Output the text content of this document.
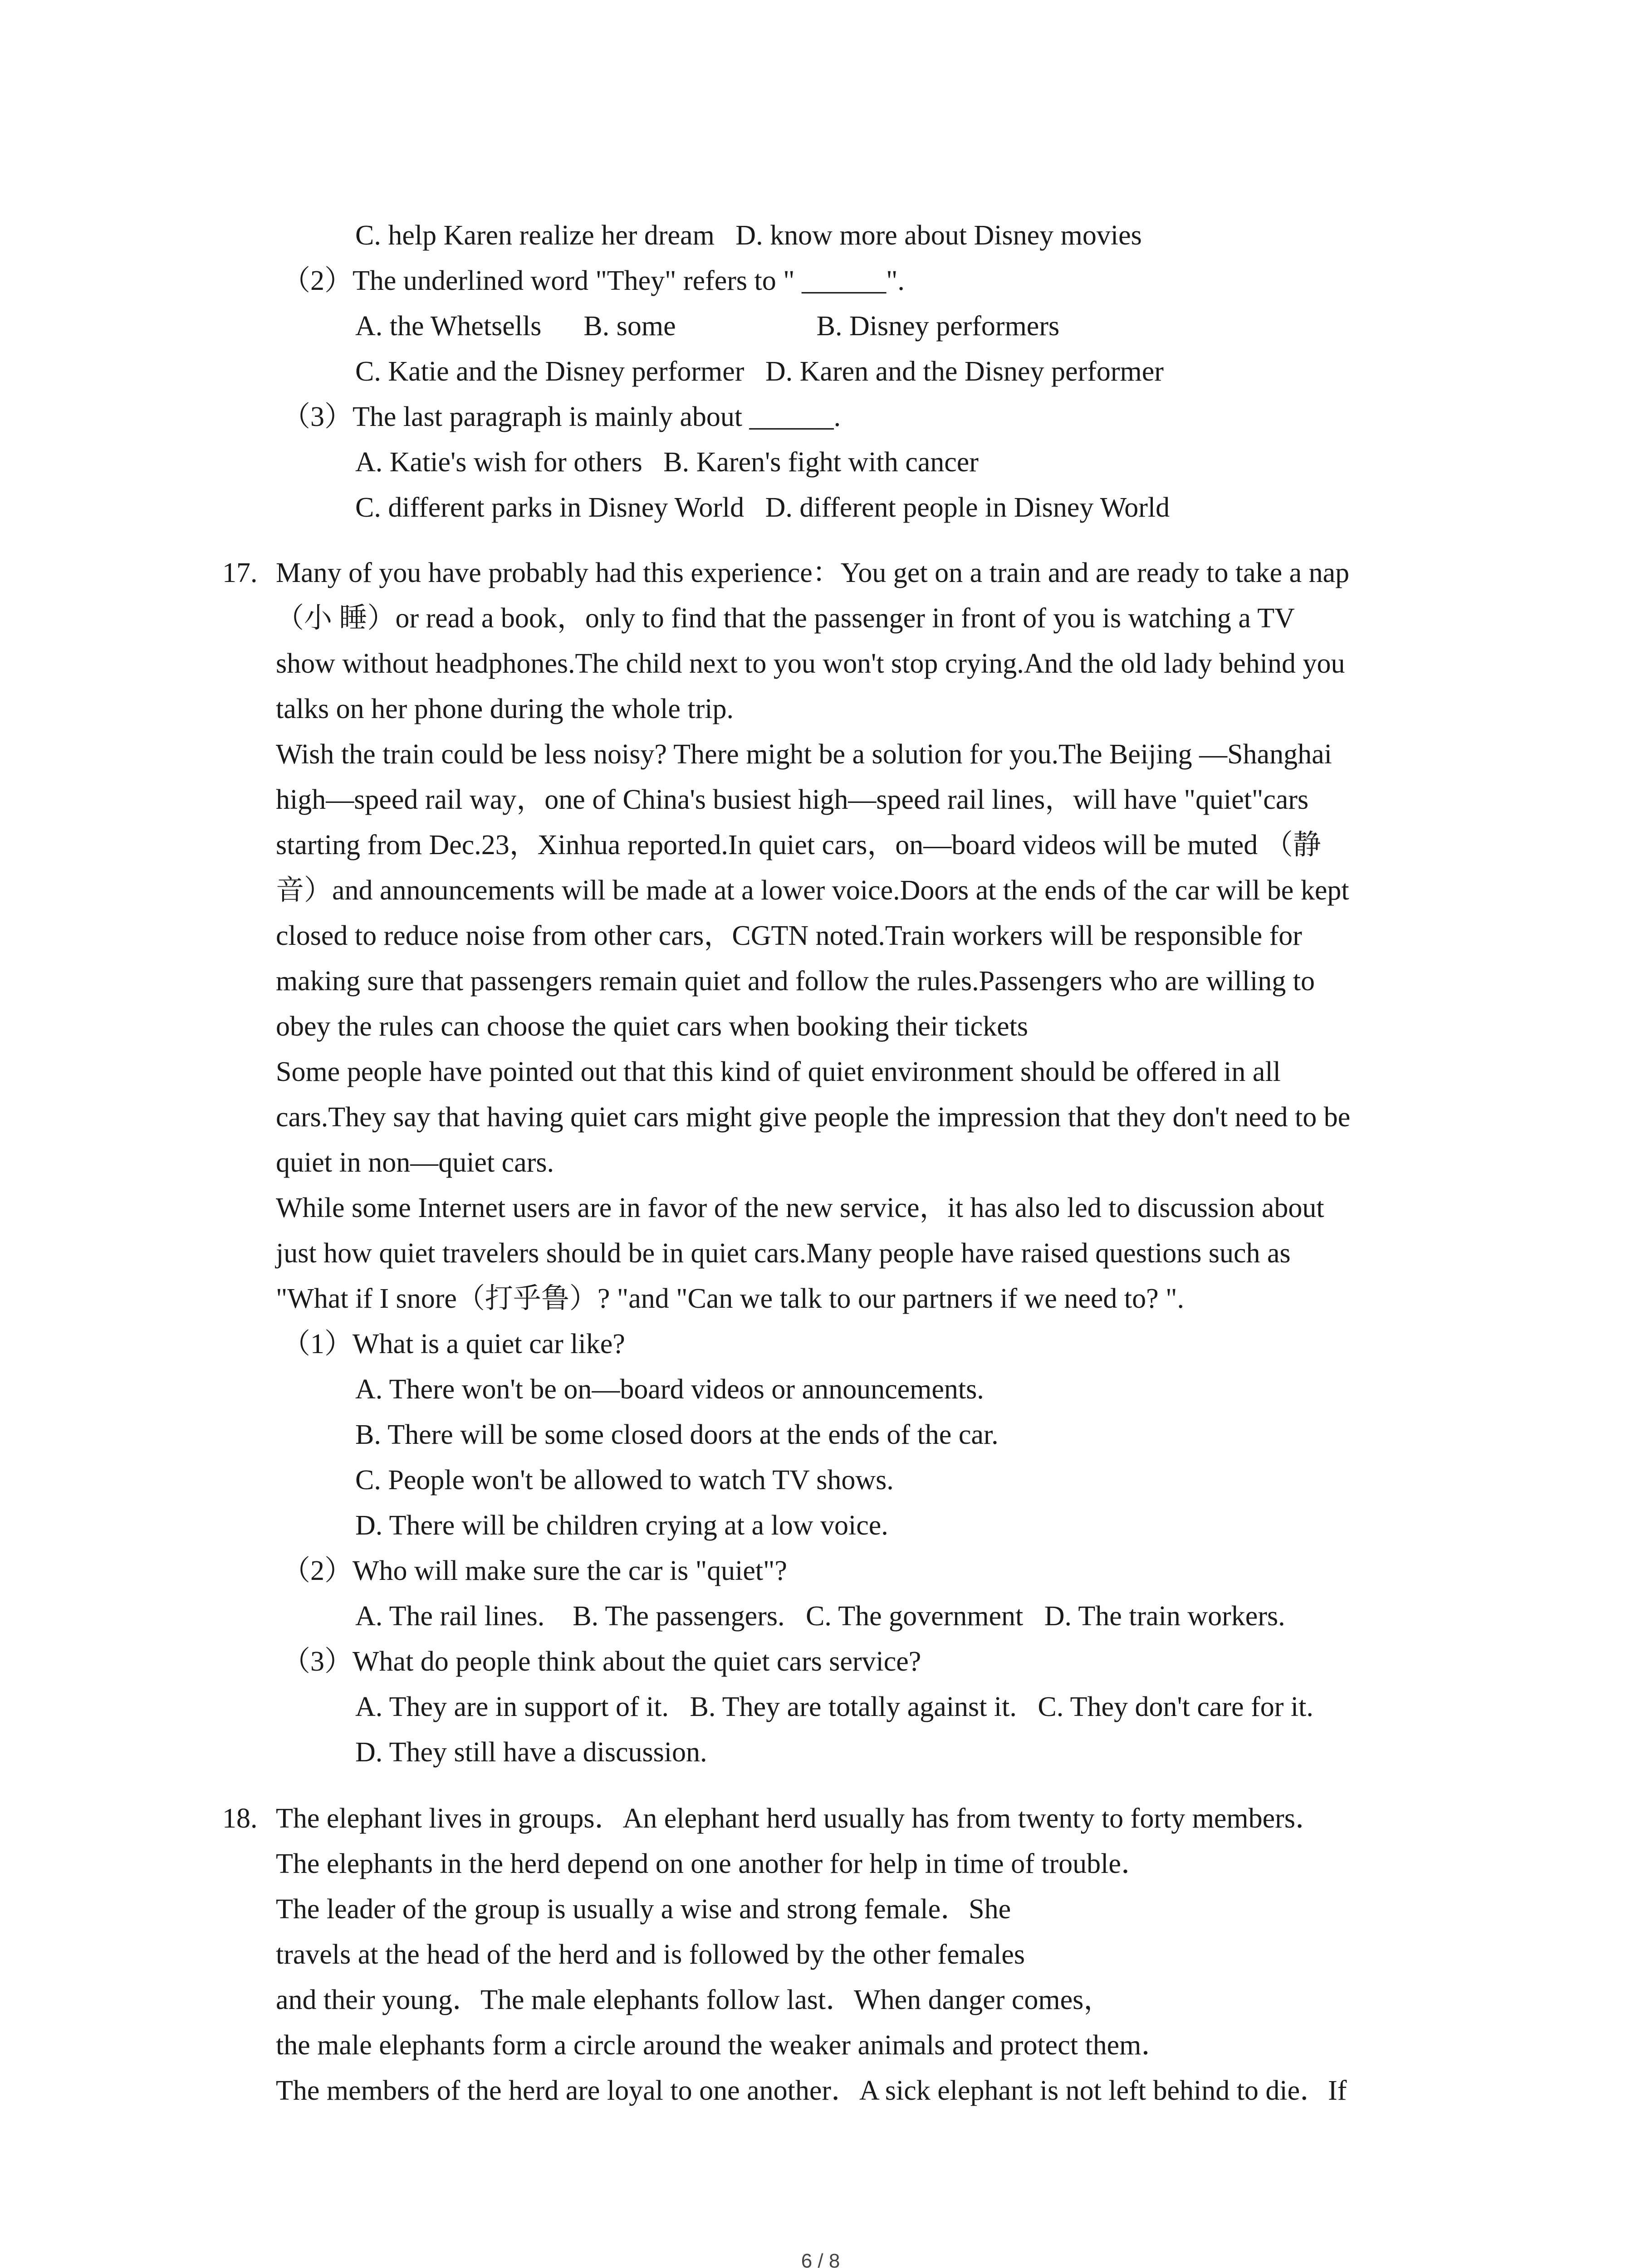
C. help Karen realize her dream   D. know more about Disney movies
（2）The underlined word "They" refers to " ______".
A. the Whetsells      B. some                    B. Disney performers
C. Katie and the Disney performer   D. Karen and the Disney performer
（3）The last paragraph is mainly about ______.
A. Katie's wish for others   B. Karen's fight with cancer
C. different parks in Disney World   D. different people in Disney World
17. Many of you have probably had this experience：You get on a train and are ready to take a nap
（小 睡）or read a book，only to find that the passenger in front of you is watching a TV
show without headphones.The child next to you won't stop crying.And the old lady behind you
talks on her phone during the whole trip.
Wish the train could be less noisy? There might be a solution for you.The Beijing —Shanghai
high—speed rail way，one of China's busiest high—speed rail lines，will have "quiet"cars
starting from Dec.23，Xinhua reported.In quiet cars，on—board videos will be muted （静
音）and announcements will be made at a lower voice.Doors at the ends of the car will be kept
closed to reduce noise from other cars，CGTN noted.Train workers will be responsible for
making sure that passengers remain quiet and follow the rules.Passengers who are willing to
obey the rules can choose the quiet cars when booking their tickets
Some people have pointed out that this kind of quiet environment should be offered in all
cars.They say that having quiet cars might give people the impression that they don't need to be
quiet in non—quiet cars.
While some Internet users are in favor of the new service，it has also led to discussion about
just how quiet travelers should be in quiet cars.Many people have raised questions such as
"What if I snore（打乎鲁）? "and "Can we talk to our partners if we need to? ".
（1）What is a quiet car like?
A. There won't be on—board videos or announcements.
B. There will be some closed doors at the ends of the car.
C. People won't be allowed to watch TV shows.
D. There will be children crying at a low voice.
（2）Who will make sure the car is "quiet"?
A. The rail lines.    B. The passengers.   C. The government   D. The train workers.
（3）What do people think about the quiet cars service?
A. They are in support of it.   B. They are totally against it.   C. They don't care for it.
D. They still have a discussion.
18. The elephant lives in groups．An elephant herd usually has from twenty to forty members．
The elephants in the herd depend on one another for help in time of trouble．
The leader of the group is usually a wise and strong female．She
travels at the head of the herd and is followed by the other females
and their young．The male elephants follow last．When danger comes，
the male elephants form a circle around the weaker animals and protect them．
The members of the herd are loyal to one another．A sick elephant is not left behind to die．If
6 / 8
